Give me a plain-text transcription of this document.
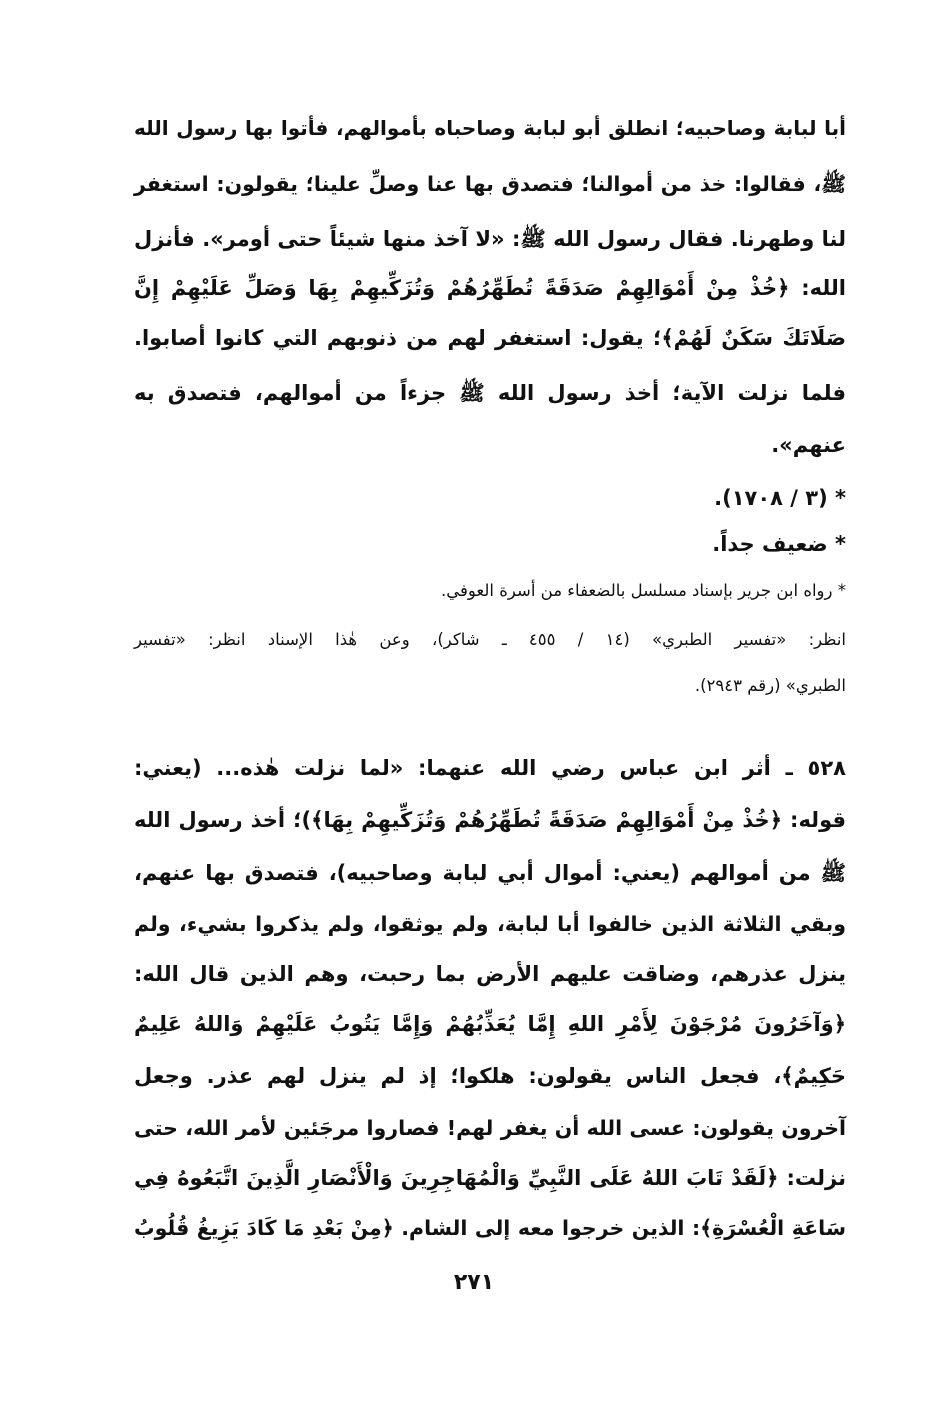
أبا لبابة وصاحبيه؛ انطلق أبو لبابة وصاحباه بأموالهم، فأتوا بها رسول الله
ﷺ، فقالوا: خذ من أموالنا؛ فتصدق بها عنا وصلِّ علينا؛ يقولون: استغفر
لنا وطهرنا. فقال رسول الله ﷺ: «لا آخذ منها شيئاً حتى أومر». فأنزل
الله: ﴿خُذْ مِنْ أَمْوَالِهِمْ صَدَقَةً تُطَهِّرُهُمْ وَتُزَكِّيهِمْ بِهَا وَصَلِّ عَلَيْهِمْ إِنَّ
صَلَاتَكَ سَكَنٌ لَهُمْ﴾؛ يقول: استغفر لهم من ذنوبهم التي كانوا أصابوا.
فلما نزلت الآية؛ أخذ رسول الله ﷺ جزءاً من أموالهم، فتصدق به
عنهم».
* (٣ / ١٧٠٨).
* ضعيف جداً.
* رواه ابن جرير بإسناد مسلسل بالضعفاء من أسرة العوفي.
انظر: «تفسير الطبري» (١٤ / ٤٥٥ ـ شاكر)، وعن هٰذا الإسناد انظر: «تفسير
الطبري» (رقم ٢٩٤٣).
٥٢٨ ـ أثر ابن عباس رضي الله عنهما: «لما نزلت هٰذه... (يعني:
قوله: ﴿خُذْ مِنْ أَمْوَالِهِمْ صَدَقَةً تُطَهِّرُهُمْ وَتُزَكِّيهِمْ بِهَا﴾)؛ أخذ رسول الله
ﷺ من أموالهم (يعني: أموال أبي لبابة وصاحبيه)، فتصدق بها عنهم،
وبقي الثلاثة الذين خالفوا أبا لبابة، ولم يوثقوا، ولم يذكروا بشيء، ولم
ينزل عذرهم، وضاقت عليهم الأرض بما رحبت، وهم الذين قال الله:
﴿وَآخَرُونَ مُرْجَوْنَ لِأَمْرِ اللهِ إِمَّا يُعَذِّبُهُمْ وَإِمَّا يَتُوبُ عَلَيْهِمْ وَاللهُ عَلِيمٌ
حَكِيمٌ﴾، فجعل الناس يقولون: هلكوا؛ إذ لم ينزل لهم عذر. وجعل
آخرون يقولون: عسى الله أن يغفر لهم! فصاروا مرجَئين لأمر الله، حتى
نزلت: ﴿لَقَدْ تَابَ اللهُ عَلَى النَّبِيِّ وَالْمُهَاجِرِينَ وَالْأَنْصَارِ الَّذِينَ اتَّبَعُوهُ فِي
سَاعَةِ الْعُسْرَةِ﴾: الذين خرجوا معه إلى الشام. ﴿مِنْ بَعْدِ مَا كَادَ يَزِيغُ قُلُوبُ
٢٧١
